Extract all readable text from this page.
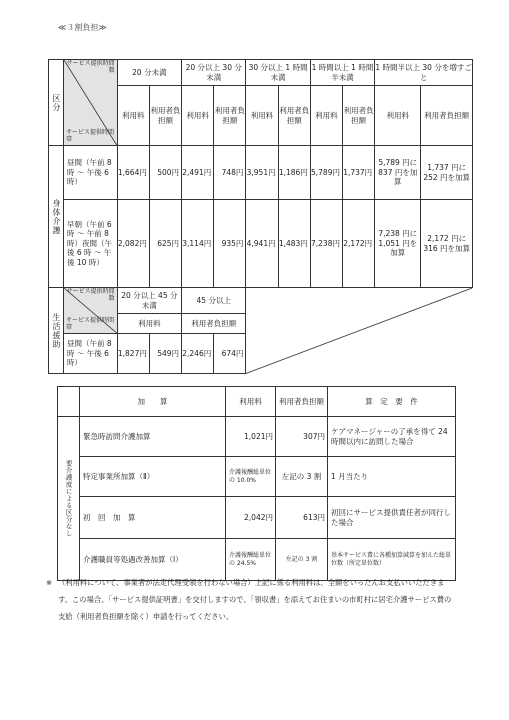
≪３割負担≫
区分	サービス提供時間数
サービス提供時間帯	20 分未満		20 分以上 30 分未満		30 分以上 1 時間未満		1 時間以上 1 時間半未満		1 時間半以上 30 分を増すごと	
		利用料	利用者負担額	利用料	利用者負担額	利用料	利用者負担額	利用料	利用者負担額	利用料	利用者負担額

身体介護	昼間（午前 8 時 〜 午後 6 時）	1,664円	500円	2,491円	748円	3,951円	1,186円	5,789円	1,737円	5,789 円に 837 円を加算	1,737 円に 252 円を加算
	早朝（午前 6 時 〜 午前 8 時）夜間（午後 6 時 〜 午後 10 時）	2,082円	625円	3,114円	935円	4,941円	1,483円	7,238円	2,172円	7,238 円に 1,051 円を加算	2,172 円に 316 円を加算

生活援助	サービス提供時間数
サービス提供時間帯	20 分以上 45 分未満		45 分以上	

		利用料		利用者負担額							
	昼間（午前 8 時 〜 午後 6 時）	1,827円	549円	2,246円	674円						
	加　　算	利用料	利用者負担額	算　定　要　件

要介護度による区分なし	緊急時訪問介護加算	1,021円	307円	ケアマネージャーの了承を得て 24 時間以内に訪問した場合
	特定事業所加算（Ⅱ）	介護報酬総単位の 10.0%	左記の 3 割	1 月当たり
	初　回　加　算	2,042円	613円	初回にサービス提供責任者が同行した場合
	介護職員等処遇改善加算（Ⅰ）	介護報酬総単位の 24.5%	左記の 3 割	基本サービス費に各種加算減算を加えた総単位数（所定単位数）
※ （利用料について、事業者が法定代理受領を行わない場合）上記に係る利用料は、全額をいったんお支払いいただきます。この場合、「サービス提供証明書」を交付しますので、「領収書」を添えてお住まいの市町村に居宅介護サービス費の支給（利用者負担額を除く）申請を行ってください。
